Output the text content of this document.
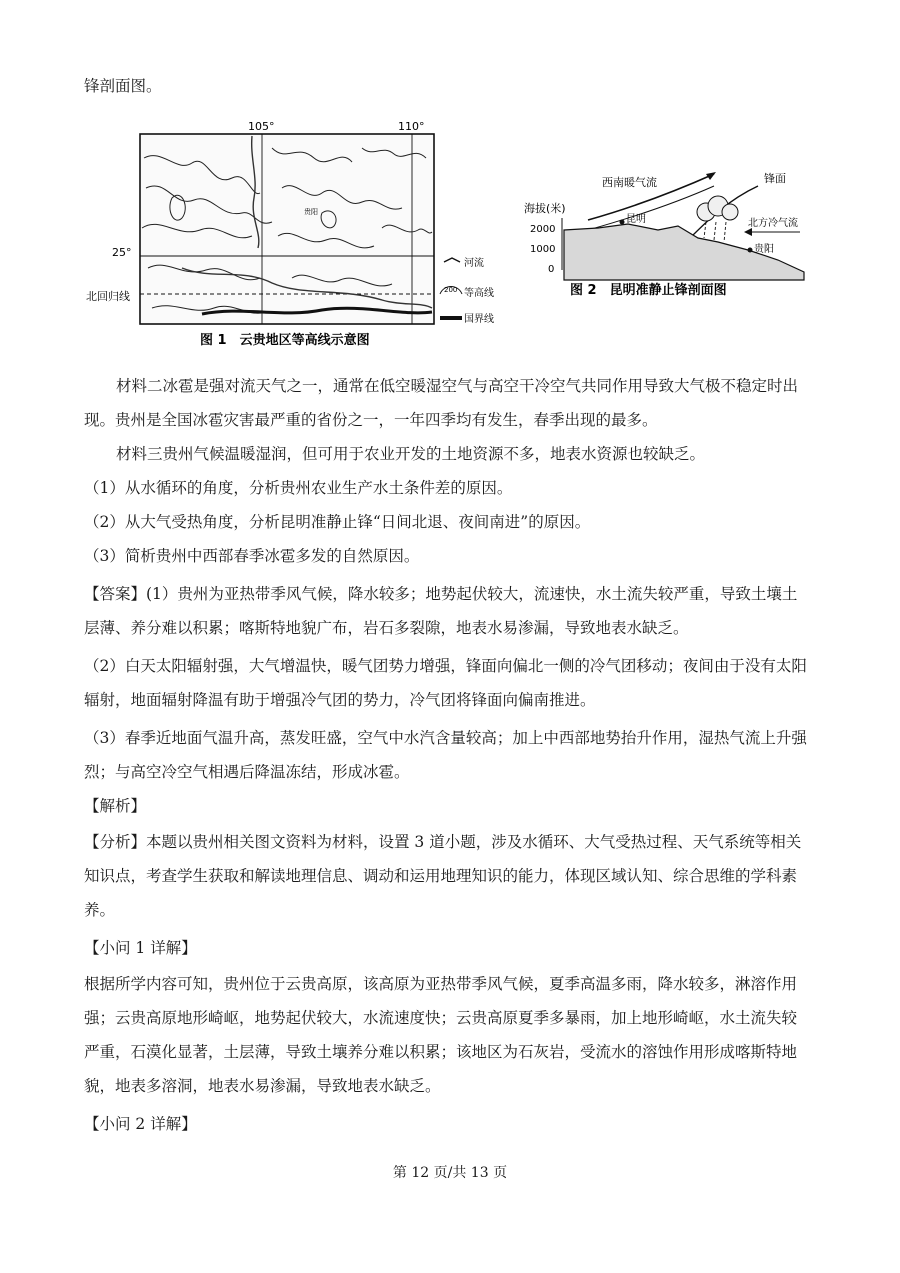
锋剖面图。
105°	110°
贵阳
25°
北回归线
河流
200 等高线
国界线
图 1　云贵地区等高线示意图
西南暖气流	锋面
海拔(米)
2000
1000
0
昆明	北方冷气流
贵阳
图 2　昆明准静止锋剖面图
材料二冰雹是强对流天气之一，通常在低空暖湿空气与高空干冷空气共同作用导致大气极不稳定时出
现。贵州是全国冰雹灾害最严重的省份之一，一年四季均有发生，春季出现的最多。
材料三贵州气候温暖湿润，但可用于农业开发的土地资源不多，地表水资源也较缺乏。
（1）从水循环的角度，分析贵州农业生产水土条件差的原因。
（2）从大气受热角度，分析昆明准静止锋“日间北退、夜间南进”的原因。
（3）简析贵州中西部春季冰雹多发的自然原因。
【答案】(1）贵州为亚热带季风气候，降水较多；地势起伏较大，流速快，水土流失较严重，导致土壤土
层薄、养分难以积累；喀斯特地貌广布，岩石多裂隙，地表水易渗漏，导致地表水缺乏。
（2）白天太阳辐射强，大气增温快，暖气团势力增强，锋面向偏北一侧的冷气团移动；夜间由于没有太阳
辐射，地面辐射降温有助于增强冷气团的势力，冷气团将锋面向偏南推进。
（3）春季近地面气温升高，蒸发旺盛，空气中水汽含量较高；加上中西部地势抬升作用，湿热气流上升强
烈；与高空冷空气相遇后降温冻结，形成冰雹。
【解析】
【分析】本题以贵州相关图文资料为材料，设置 3 道小题，涉及水循环、大气受热过程、天气系统等相关
知识点，考查学生获取和解读地理信息、调动和运用地理知识的能力，体现区域认知、综合思维的学科素
养。
【小问 1 详解】
根据所学内容可知，贵州位于云贵高原，该高原为亚热带季风气候，夏季高温多雨，降水较多，淋溶作用
强；云贵高原地形崎岖，地势起伏较大，水流速度快；云贵高原夏季多暴雨，加上地形崎岖，水土流失较
严重，石漠化显著，土层薄，导致土壤养分难以积累；该地区为石灰岩，受流水的溶蚀作用形成喀斯特地
貌，地表多溶洞，地表水易渗漏，导致地表水缺乏。
【小问 2 详解】
第 12 页/共 13 页
